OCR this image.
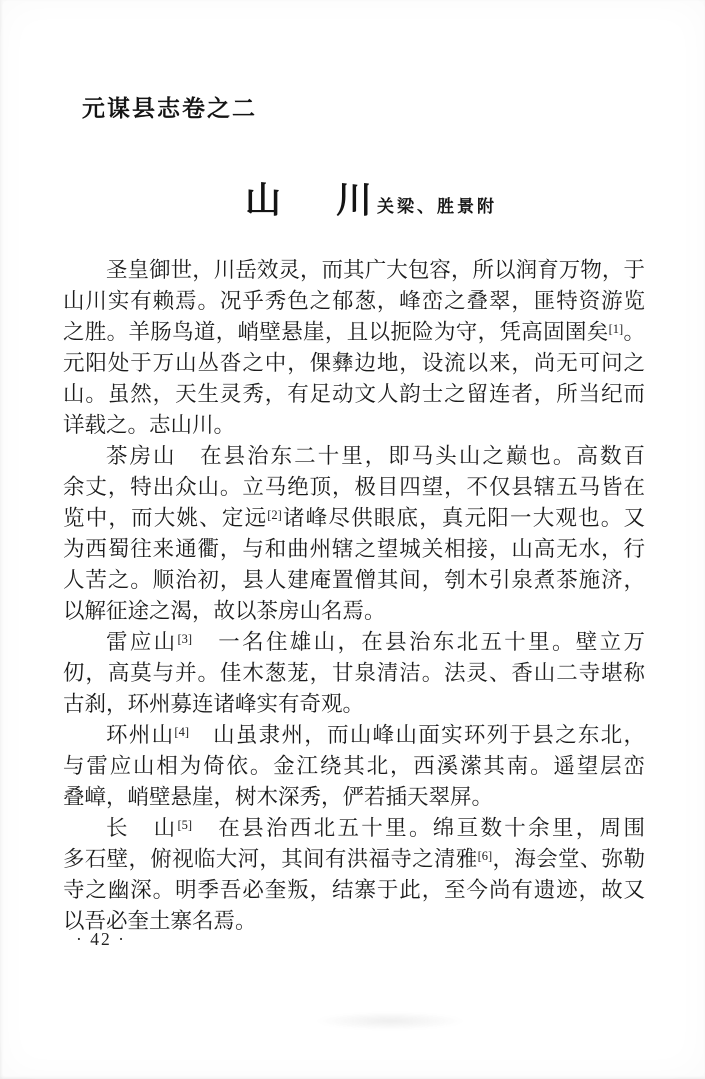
元谋县志卷之二
山 川 关梁、胜景附
圣皇御世，川岳效灵，而其广大包容，所以润育万物，于
山川实有赖焉。况乎秀色之郁葱，峰峦之叠翠，匪特资游览
之胜。羊肠鸟道，峭壁悬崖，且以扼险为守，凭高固圉矣[1]。
元阳处于万山丛沓之中，倮彝边地，设流以来，尚无可问之
山。虽然，天生灵秀，有足动文人韵士之留连者，所当纪而
详载之。志山川。
茶房山　在县治东二十里，即马头山之巅也。高数百
余丈，特出众山。立马绝顶，极目四望，不仅县辖五马皆在
览中，而大姚、定远[2]诸峰尽供眼底，真元阳一大观也。又
为西蜀往来通衢，与和曲州辖之望城关相接，山高无水，行
人苦之。顺治初，县人建庵置僧其间，刳木引泉煮茶施济，
以解征途之渴，故以茶房山名焉。
雷应山[3]　一名住雄山，在县治东北五十里。壁立万
仞，高莫与并。佳木葱茏，甘泉清洁。法灵、香山二寺堪称
古刹，环州募连诸峰实有奇观。
环州山[4]　山虽隶州，而山峰山面实环列于县之东北，
与雷应山相为倚依。金江绕其北，西溪潆其南。遥望层峦
叠嶂，峭壁悬崖，树木深秀，俨若插天翠屏。
长　山[5]　在县治西北五十里。绵亘数十余里，周围
多石壁，俯视临大河，其间有洪福寺之清雅[6]，海会堂、弥勒
寺之幽深。明季吾必奎叛，结寨于此，至今尚有遗迹，故又
以吾必奎土寨名焉。
· 42 ·
